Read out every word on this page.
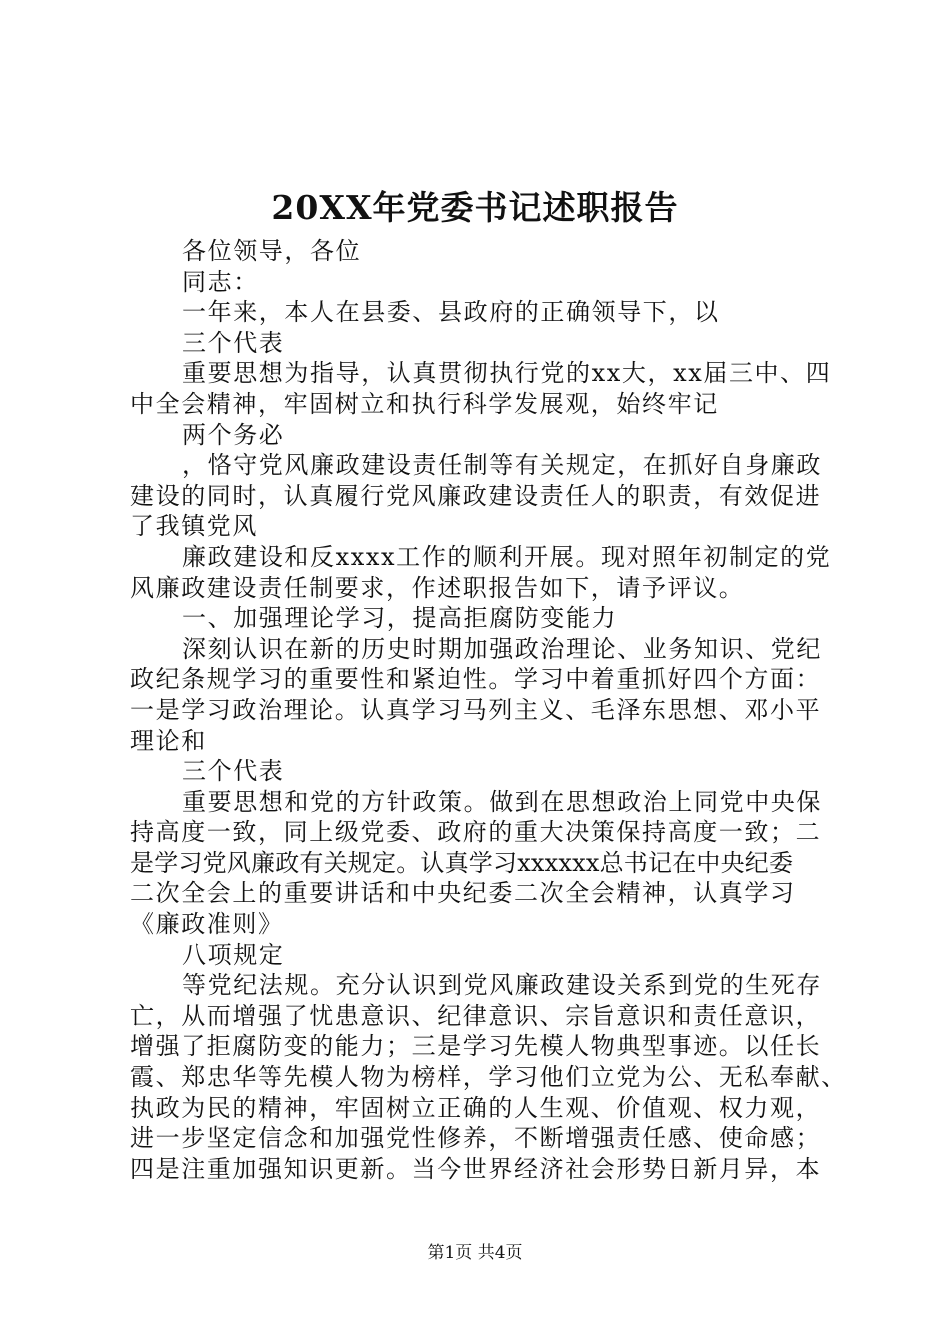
20XX年党委书记述职报告
各位领导，各位
同志：
一年来，本人在县委、县政府的正确领导下，以
三个代表
重要思想为指导，认真贯彻执行党的xx大，xx届三中、四
中全会精神，牢固树立和执行科学发展观，始终牢记
两个务必
，恪守党风廉政建设责任制等有关规定，在抓好自身廉政
建设的同时，认真履行党风廉政建设责任人的职责，有效促进
了我镇党风
廉政建设和反xxxx工作的顺利开展。现对照年初制定的党
风廉政建设责任制要求，作述职报告如下，请予评议。
一、加强理论学习，提高拒腐防变能力
深刻认识在新的历史时期加强政治理论、业务知识、党纪
政纪条规学习的重要性和紧迫性。学习中着重抓好四个方面：
一是学习政治理论。认真学习马列主义、毛泽东思想、邓小平
理论和
三个代表
重要思想和党的方针政策。做到在思想政治上同党中央保
持高度一致，同上级党委、政府的重大决策保持高度一致；二
是学习党风廉政有关规定。认真学习xxxxxx总书记在中央纪委
二次全会上的重要讲话和中央纪委二次全会精神，认真学习
《廉政准则》
八项规定
等党纪法规。充分认识到党风廉政建设关系到党的生死存
亡，从而增强了忧患意识、纪律意识、宗旨意识和责任意识，
增强了拒腐防变的能力；三是学习先模人物典型事迹。以任长
霞、郑忠华等先模人物为榜样，学习他们立党为公、无私奉献、
执政为民的精神，牢固树立正确的人生观、价值观、权力观，
进一步坚定信念和加强党性修养，不断增强责任感、使命感；
四是注重加强知识更新。当今世界经济社会形势日新月异，本
第1页 共4页
